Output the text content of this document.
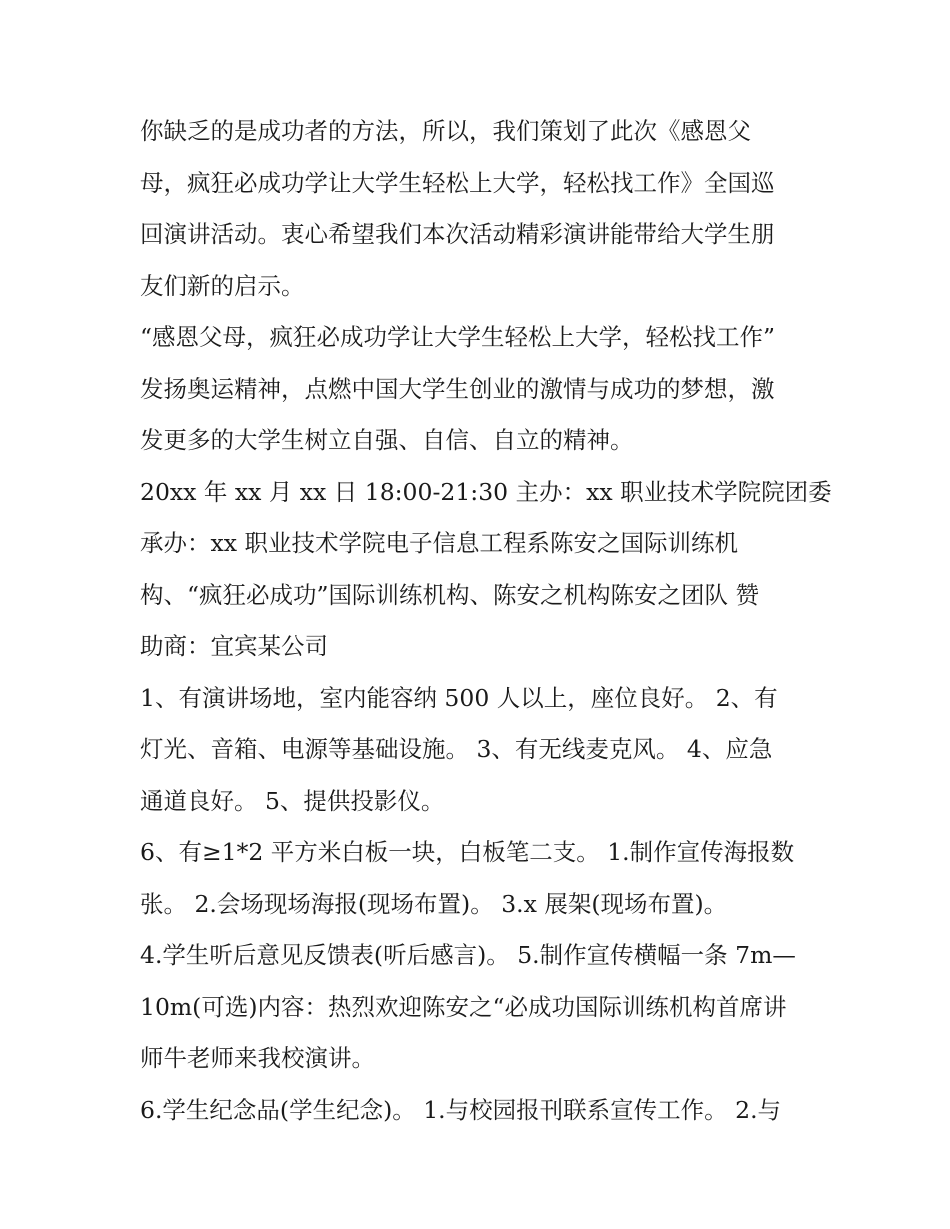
你缺乏的是成功者的方法，所以，我们策划了此次《感恩父

母，疯狂必成功学让大学生轻松上大学，轻松找工作》全国巡

回演讲活动。衷心希望我们本次活动精彩演讲能带给大学生朋

友们新的启示。

“感恩父母，疯狂必成功学让大学生轻松上大学，轻松找工作”

发扬奥运精神，点燃中国大学生创业的激情与成功的梦想，激

发更多的大学生树立自强、自信、自立的精神。

20xx 年 xx 月 xx 日 18:00-21:30 主办：xx 职业技术学院院团委

承办：xx 职业技术学院电子信息工程系陈安之国际训练机

构、“疯狂必成功”国际训练机构、陈安之机构陈安之团队 赞

助商：宜宾某公司

1、有演讲场地，室内能容纳 500 人以上，座位良好。 2、有

灯光、音箱、电源等基础设施。 3、有无线麦克风。 4、应急

通道良好。 5、提供投影仪。

6、有≥1*2 平方米白板一块，白板笔二支。 1.制作宣传海报数

张。 2.会场现场海报(现场布置)。 3.x 展架(现场布置)。

4.学生听后意见反馈表(听后感言)。 5.制作宣传横幅一条 7m—

10m(可选)内容：热烈欢迎陈安之“必成功国际训练机构首席讲

师牛老师来我校演讲。

6.学生纪念品(学生纪念)。 1.与校园报刊联系宣传工作。 2.与
